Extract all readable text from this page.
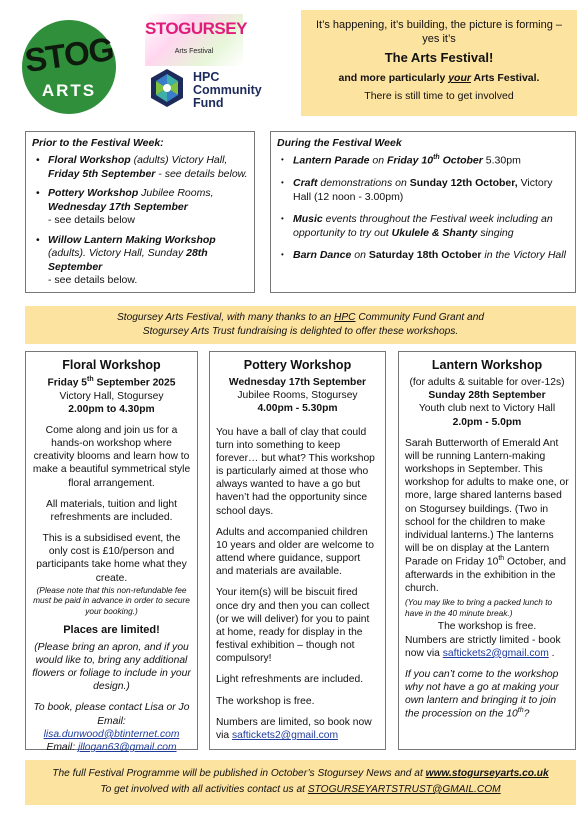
STOG
ARTS
STOGURSEY
Arts Festival
HPC
Community
Fund
It’s happening, it’s building, the picture is forming –
yes it’s
The Arts Festival!
and more particularly your Arts Festival.
There is still time to get involved
Prior to the Festival Week:
• Floral Workshop (adults) Victory Hall, Friday 5th September - see details below.
• Pottery Workshop Jubilee Rooms, Wednesday 17th September
- see details below
• Willow Lantern Making Workshop (adults). Victory Hall, Sunday 28th September
- see details below.
During the Festival Week
• Lantern Parade on Friday 10th October 5.30pm
• Craft demonstrations on Sunday 12th October, Victory Hall (12 noon - 3.00pm)
• Music events throughout the Festival week including an opportunity to try out Ukulele & Shanty singing
• Barn Dance on Saturday 18th October in the Victory Hall
Stogursey Arts Festival, with many thanks to an HPC Community Fund Grant and
Stogursey Arts Trust fundraising is delighted to offer these workshops.
Floral Workshop
Friday 5th September 2025
Victory Hall, Stogursey
2.00pm to 4.30pm
Come along and join us for a hands-on workshop where creativity blooms and learn how to make a beautiful symmetrical style floral arrangement.
All materials, tuition and light refreshments are included.
This is a subsidised event, the only cost is £10/person and participants take home what they create.
(Please note that this non-refundable fee must be paid in advance in order to secure your booking.)
Places are limited!
(Please bring an apron, and if you would like to, bring any additional flowers or foliage to include in your design.)
To book, please contact Lisa or Jo
Email: lisa.dunwood@btinternet.com
Email: jllogan63@gmail.com
Pottery Workshop
Wednesday 17th September
Jubilee Rooms, Stogursey
4.00pm - 5.30pm
You have a ball of clay that could turn into something to keep forever… but what? This workshop is particularly aimed at those who always wanted to have a go but haven’t had the opportunity since school days.
Adults and accompanied children 10 years and older are welcome to attend where guidance, support and materials are available.
Your item(s) will be biscuit fired once dry and then you can collect (or we will deliver) for you to paint at home, ready for display in the festival exhibition – though not compulsory!
Light refreshments are included.
The workshop is free.
Numbers are limited, so book now via saftickets2@gmail.com
Lantern Workshop
(for adults & suitable for over-12s)
Sunday 28th September
Youth club next to Victory Hall
2.0pm - 5.0pm
Sarah Butterworth of Emerald Ant will be running Lantern-making workshops in September. This workshop for adults to make one, or more, large shared lanterns based on Stogursey buildings. (Two in school for the children to make individual lanterns.) The lanterns will be on display at the Lantern Parade on Friday 10th October, and afterwards in the exhibition in the church.
(You may like to bring a packed lunch to have in the 40 minute break.)
The workshop is free.
Numbers are strictly limited - book now via saftickets2@gmail.com .
If you can’t come to the workshop why not have a go at making your own lantern and bringing it to join the procession on the 10th?
The full Festival Programme will be published in October’s Stogursey News and at www.stogurseyarts.co.uk
To get involved with all activities contact us at STOGURSEYARTSTRUST@GMAIL.COM
